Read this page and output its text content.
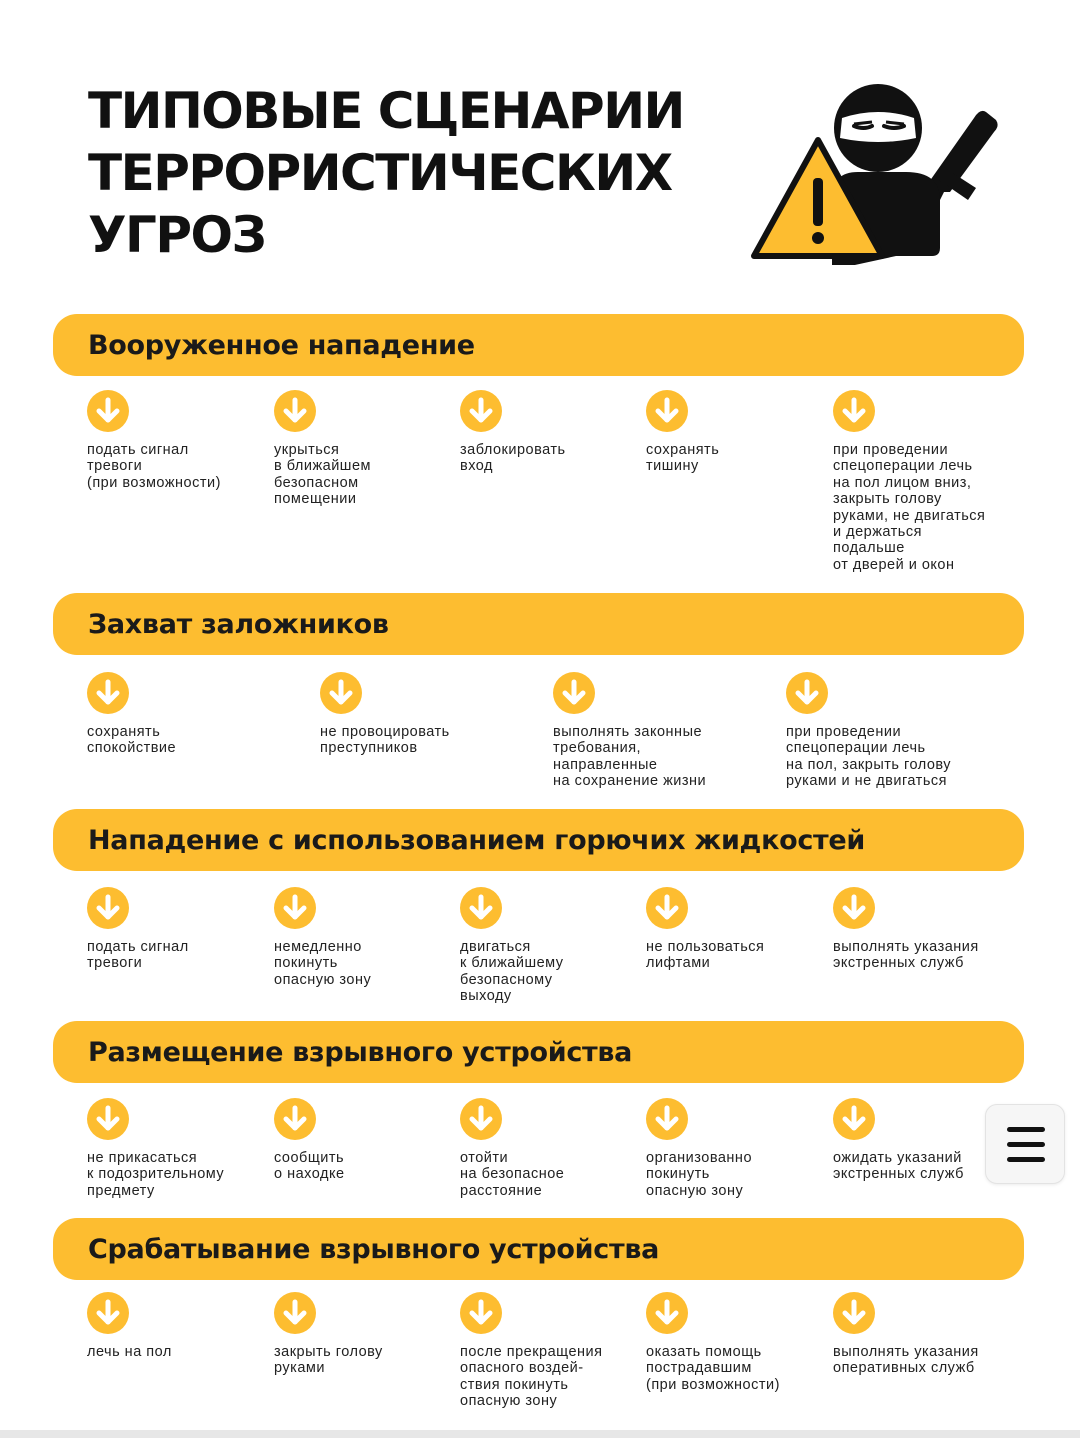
ТИПОВЫЕ СЦЕНАРИИ
ТЕРРОРИСТИЧЕСКИХ
УГРОЗ
Вооруженное нападение
подать сигнал
тревоги
(при возможности)
укрыться
в ближайшем
безопасном
помещении
заблокировать
вход
сохранять
тишину
при проведении
спецоперации лечь
на пол лицом вниз,
закрыть голову
руками, не двигаться
и держаться
подальше
от дверей и окон
Захват заложников
сохранять
спокойствие
не провоцировать
преступников
выполнять законные
требования,
направленные
на сохранение жизни
при проведении
спецоперации лечь
на пол, закрыть голову
руками и не двигаться
Нападение с использованием горючих жидкостей
подать сигнал
тревоги
немедленно
покинуть
опасную зону
двигаться
к ближайшему
безопасному
выходу
не пользоваться
лифтами
выполнять указания
экстренных служб
Размещение взрывного устройства
не прикасаться
к подозрительному
предмету
сообщить
о находке
отойти
на безопасное
расстояние
организованно
покинуть
опасную зону
ожидать указаний
экстренных служб
Срабатывание взрывного устройства
лечь на пол	закрыть голову
руками
после прекращения
опасного воздей-
ствия покинуть
опасную зону
оказать помощь
пострадавшим
(при возможности)
выполнять указания
оперативных служб
